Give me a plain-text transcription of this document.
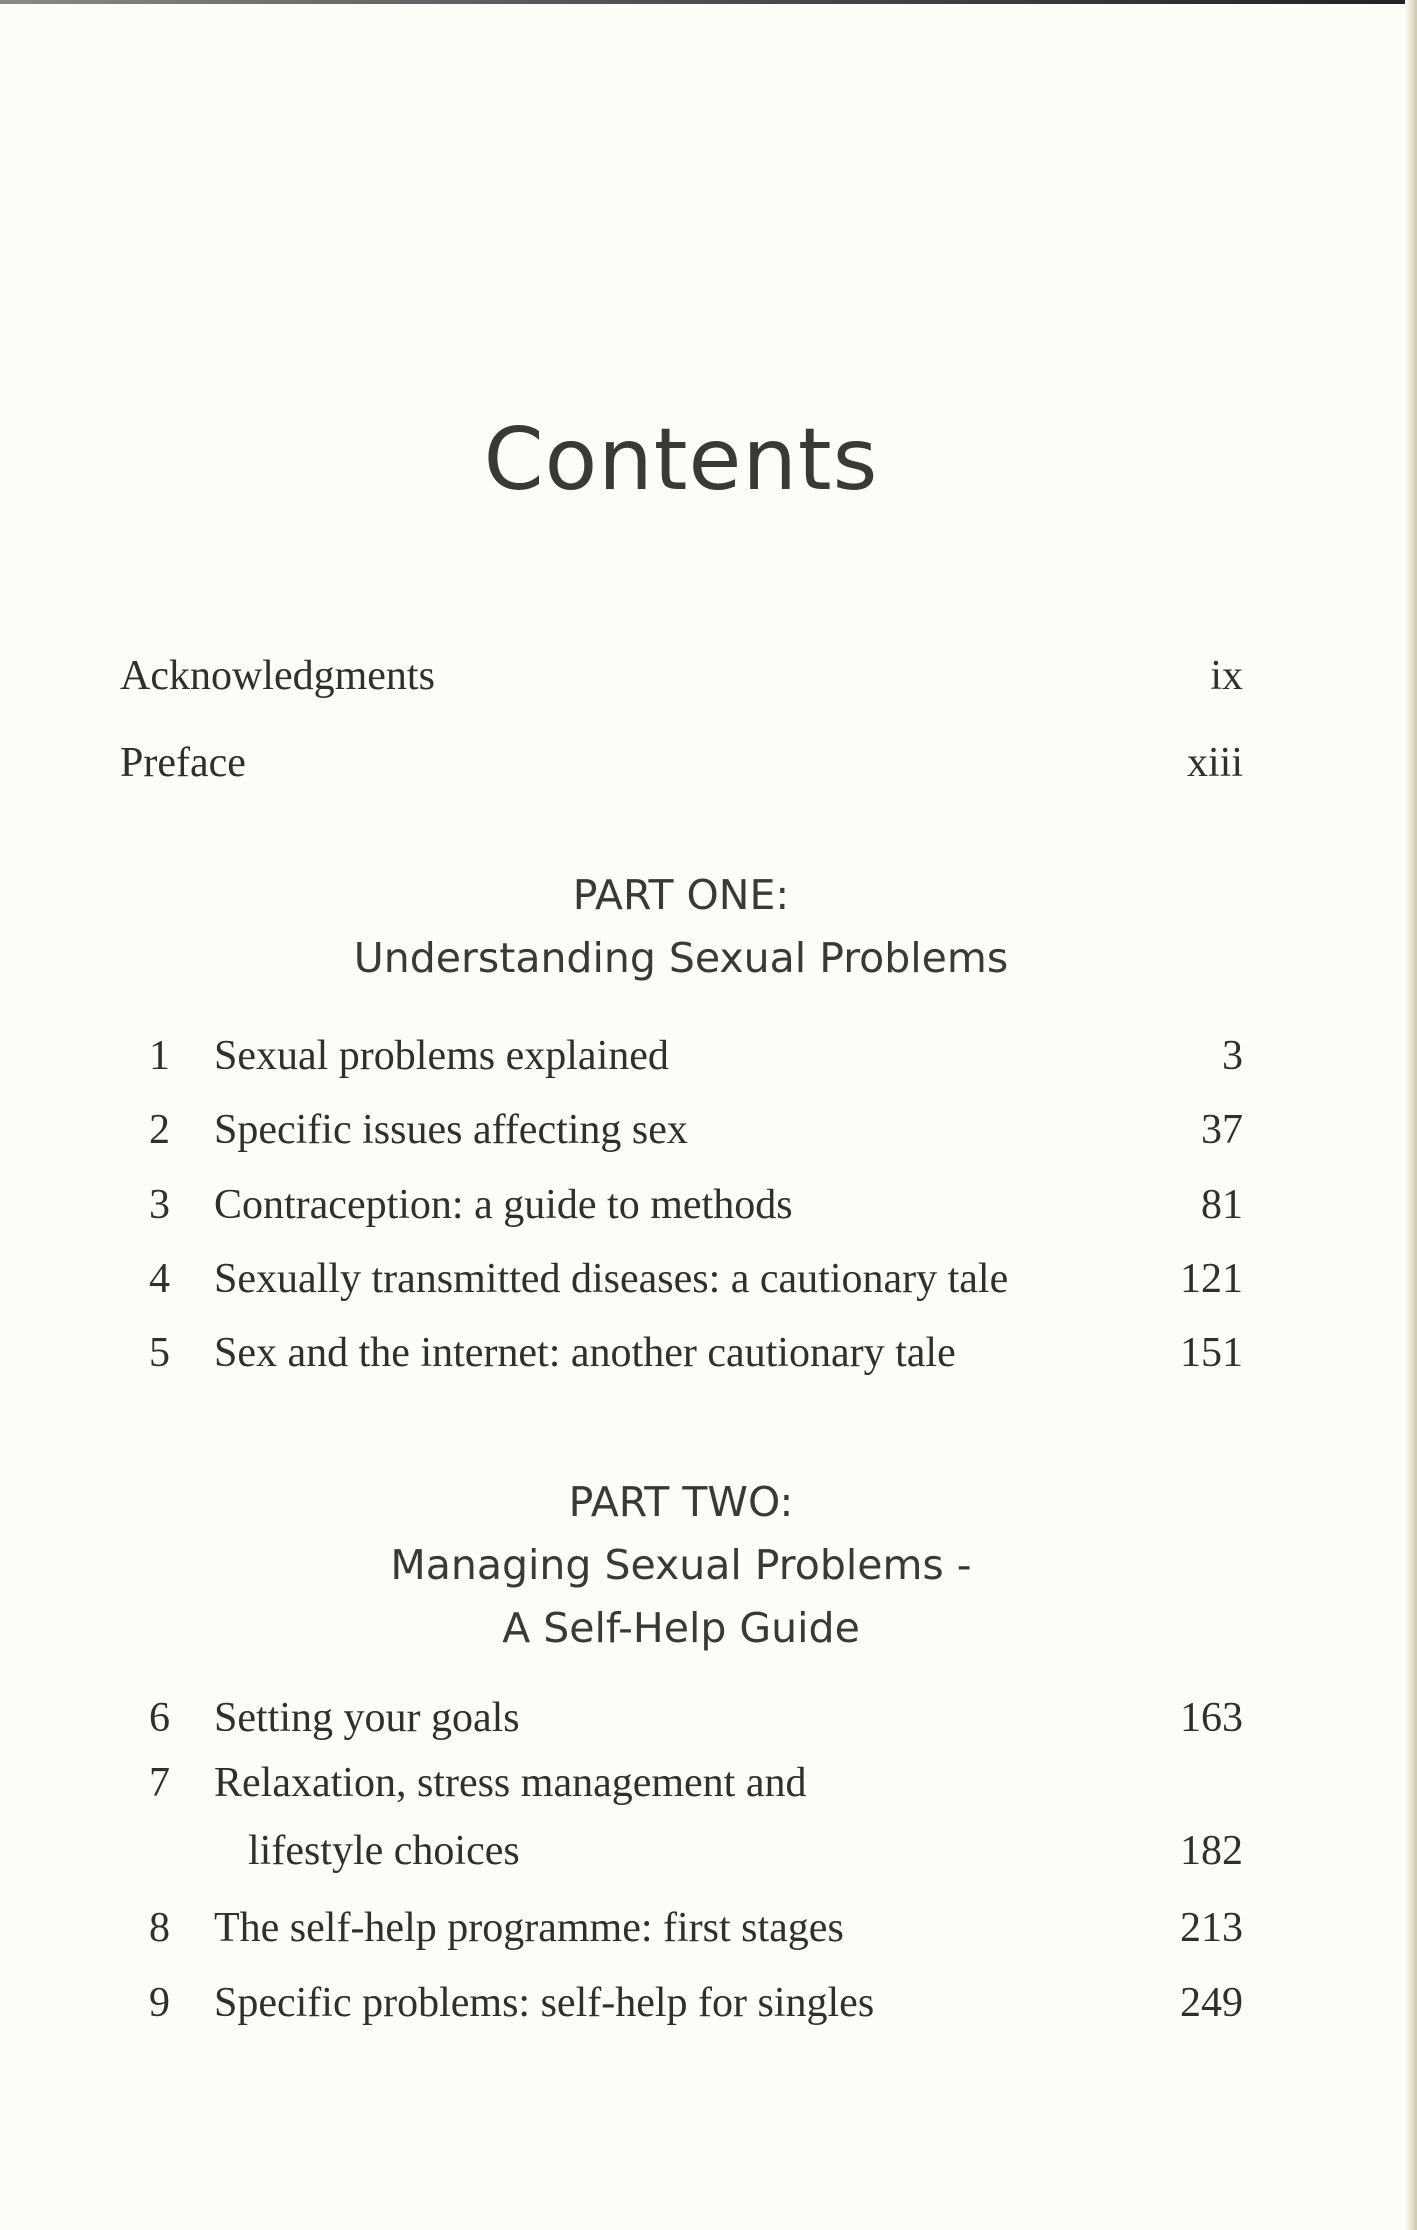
Contents
Acknowledgments	ix
Preface	xiii
PART ONE:
Understanding Sexual Problems
1 Sexual problems explained	3
2 Specific issues affecting sex	37
3 Contraception: a guide to methods	81
4 Sexually transmitted diseases: a cautionary tale	121
5 Sex and the internet: another cautionary tale	151
PART TWO:
Managing Sexual Problems -
A Self-Help Guide
6 Setting your goals	163
7 Relaxation, stress management and
lifestyle choices	182
8 The self-help programme: first stages	213
9 Specific problems: self-help for singles	249
